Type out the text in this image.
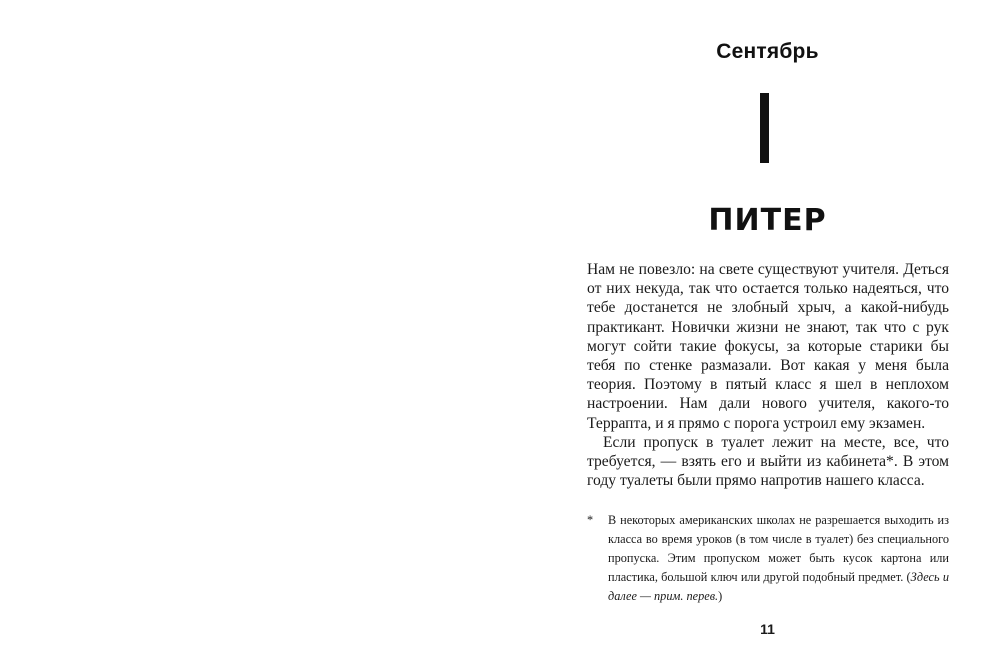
Сентябрь
ПИТЕР

Нам не повезло: на свете существуют учителя. Деться от них некуда, так что остается только надеяться, что тебе достанется не злобный хрыч, а какой-нибудь практикант. Новички жизни не знают, так что с рук могут сойти такие фокусы, за которые старики бы тебя по стенке размазали. Вот какая у меня была теория. Поэтому в пятый класс я шел в неплохом настроении. Нам дали нового учителя, какого-то Террапта, и я прямо с порога устроил ему экзамен.

Если пропуск в туалет лежит на месте, все, что требуется, — взять его и выйти из кабинета*. В этом году туалеты были прямо напротив нашего класса.

* В некоторых американских школах не разрешается выходить из класса во время уроков (в том числе в туалет) без специального пропуска. Этим пропуском может быть кусок картона или пластика, большой ключ или другой подобный предмет. (Здесь и далее — прим. перев.)
11
